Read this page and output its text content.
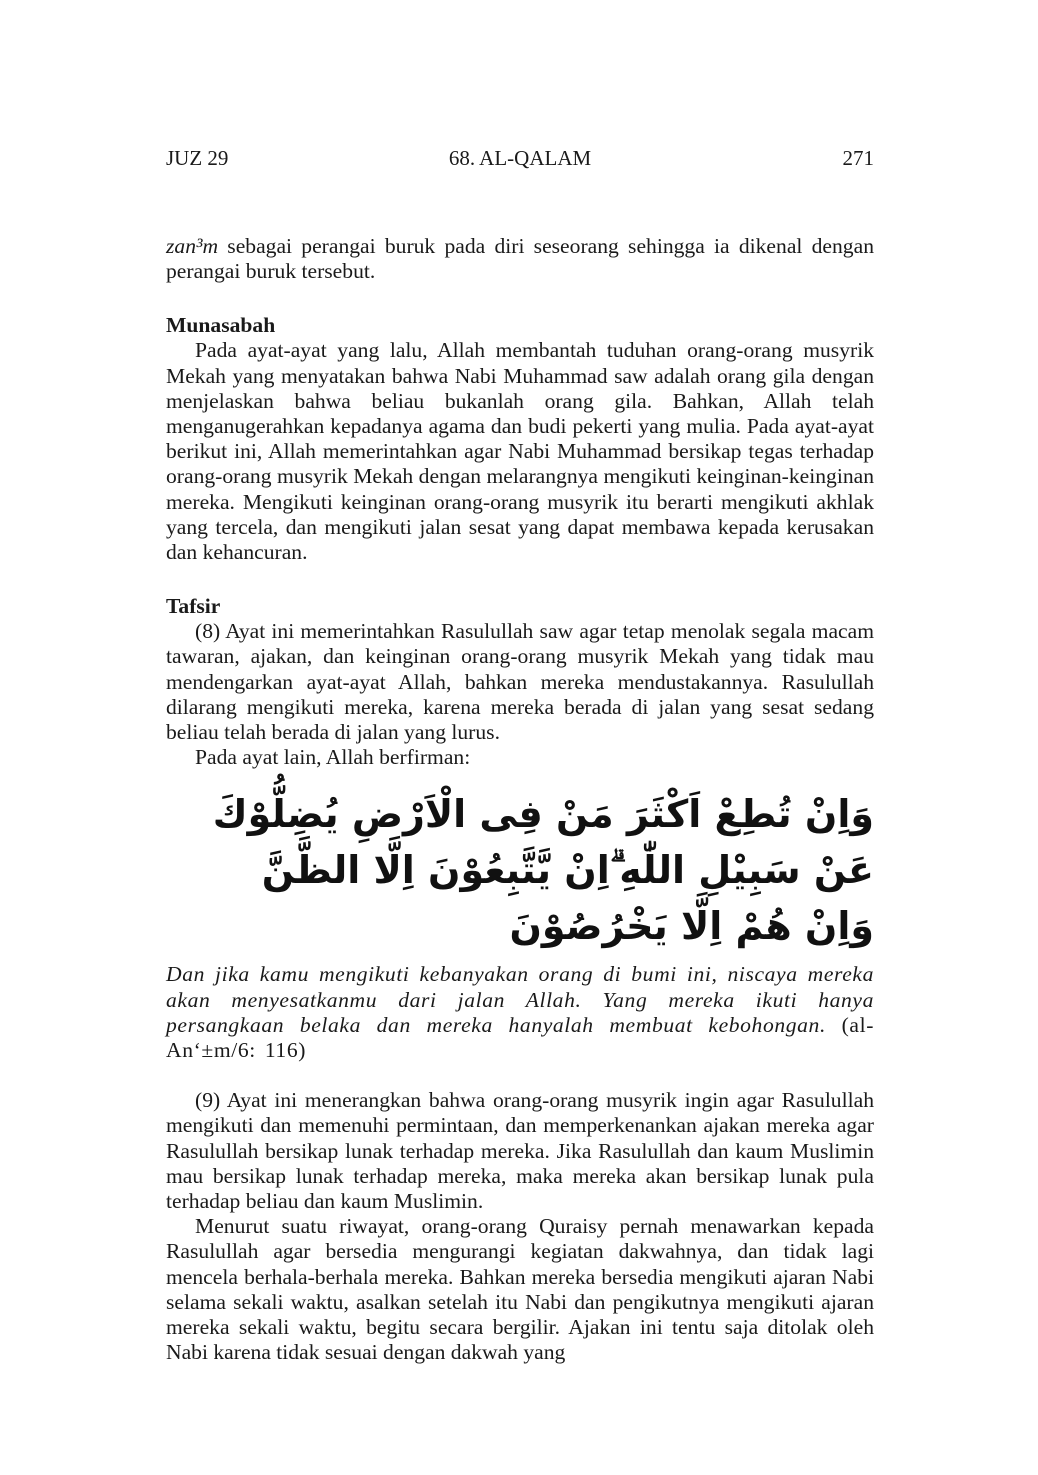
JUZ 29	68. AL-QALAM	271

zan³m sebagai perangai buruk pada diri seseorang sehingga ia dikenal dengan perangai buruk tersebut.

Munasabah

Pada ayat-ayat yang lalu, Allah membantah tuduhan orang-orang musyrik Mekah yang menyatakan bahwa Nabi Muhammad saw adalah orang gila dengan menjelaskan bahwa beliau bukanlah orang gila. Bahkan, Allah telah menganugerahkan kepadanya agama dan budi pekerti yang mulia. Pada ayat-ayat berikut ini, Allah memerintahkan agar Nabi Muhammad bersikap tegas terhadap orang-orang musyrik Mekah dengan melarangnya mengikuti keinginan-keinginan mereka. Mengikuti keinginan orang-orang musyrik itu berarti mengikuti akhlak yang tercela, dan mengikuti jalan sesat yang dapat membawa kepada kerusakan dan kehancuran.

Tafsir

(8) Ayat ini memerintahkan Rasulullah saw agar tetap menolak segala macam tawaran, ajakan, dan keinginan orang-orang musyrik Mekah yang tidak mau mendengarkan ayat-ayat Allah, bahkan mereka mendustakannya. Rasulullah dilarang mengikuti mereka, karena mereka berada di jalan yang sesat sedang beliau telah berada di jalan yang lurus.

Pada ayat lain, Allah berfirman:

وَاِنْ تُطِعْ اَكْثَرَ مَنْ فِى الْاَرْضِ يُضِلُّوْكَ عَنْ سَبِيْلِ اللّٰهِ ۗاِنْ يَّتَّبِعُوْنَ اِلَّا الظَّنَّ
وَاِنْ هُمْ اِلَّا يَخْرُصُوْنَ

Dan jika kamu mengikuti kebanyakan orang di bumi ini, niscaya mereka akan menyesatkanmu dari jalan Allah. Yang mereka ikuti hanya persangkaan belaka dan mereka hanyalah membuat kebohongan. (al-An‘±m/6: 116)

(9) Ayat ini menerangkan bahwa orang-orang musyrik ingin agar Rasulullah mengikuti dan memenuhi permintaan, dan memperkenankan ajakan mereka agar Rasulullah bersikap lunak terhadap mereka. Jika Rasulullah dan kaum Muslimin mau bersikap lunak terhadap mereka, maka mereka akan bersikap lunak pula terhadap beliau dan kaum Muslimin.

Menurut suatu riwayat, orang-orang Quraisy pernah menawarkan kepada Rasulullah agar bersedia mengurangi kegiatan dakwahnya, dan tidak lagi mencela berhala-berhala mereka. Bahkan mereka bersedia mengikuti ajaran Nabi selama sekali waktu, asalkan setelah itu Nabi dan pengikutnya mengikuti ajaran mereka sekali waktu, begitu secara bergilir. Ajakan ini tentu saja ditolak oleh Nabi karena tidak sesuai dengan dakwah yang
